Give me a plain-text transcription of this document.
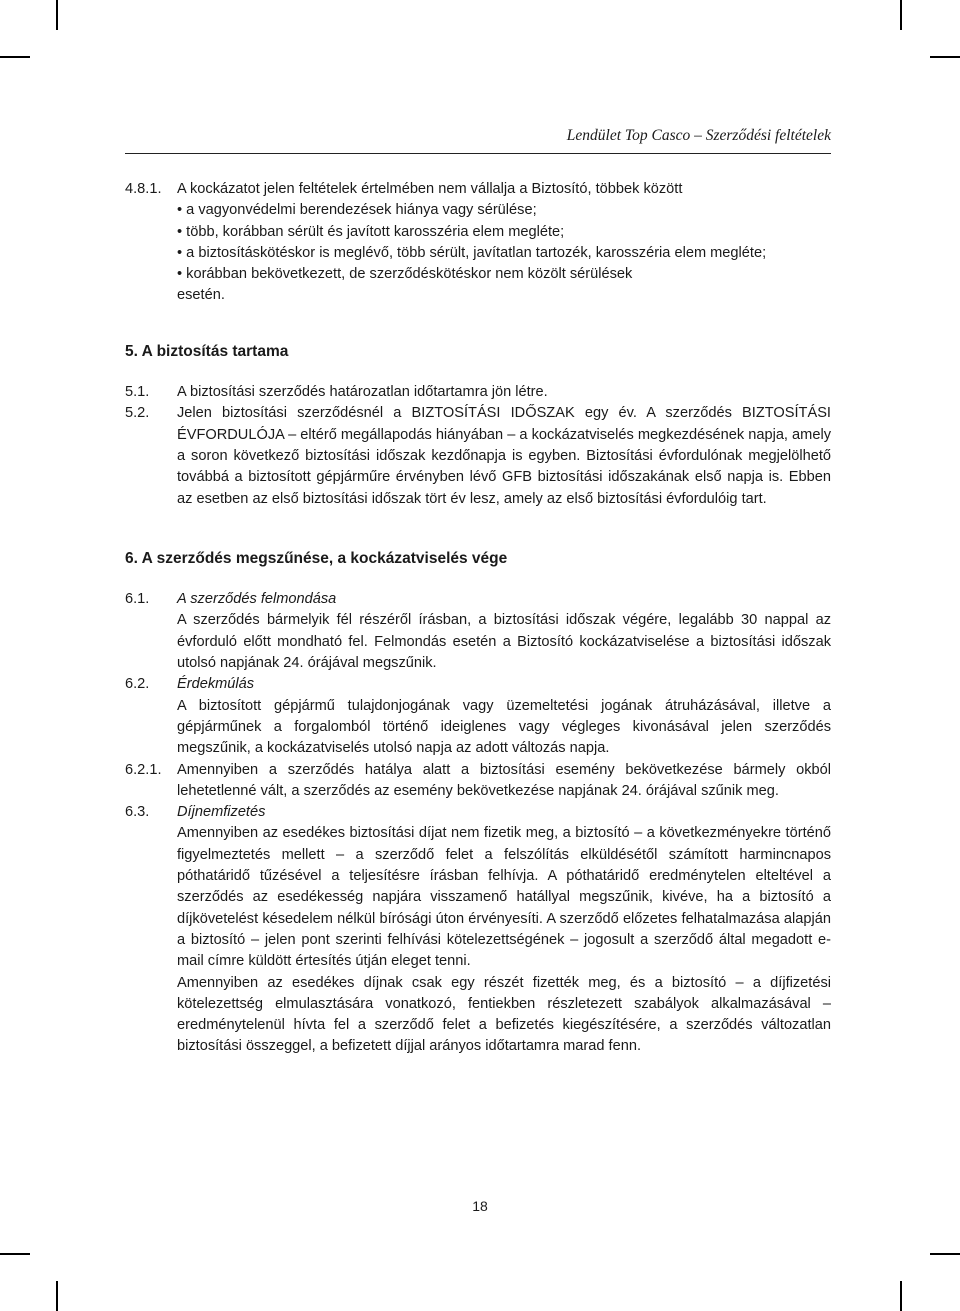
Lendület Top Casco – Szerződési feltételek
4.8.1.	A kockázatot jelen feltételek értelmében nem vállalja a Biztosító, többek között
• a vagyonvédelmi berendezések hiánya vagy sérülése;
• több, korábban sérült és javított karosszéria elem megléte;
• a biztosításkötéskor is meglévő, több sérült, javítatlan tartozék, karosszéria elem megléte;
• korábban bekövetkezett, de szerződéskötéskor nem közölt sérülések
esetén.
5. A biztosítás tartama
5.1.	A biztosítási szerződés határozatlan időtartamra jön létre.
5.2.	Jelen biztosítási szerződésnél a BIZTOSÍTÁSI IDŐSZAK egy év. A szerződés BIZTOSÍTÁSI ÉVFORDULÓJA – eltérő megállapodás hiányában – a kockázatviselés megkezdésének napja, amely a soron következő biztosítási időszak kezdőnapja is egyben. Biztosítási évfordulónak megjelölhető továbbá a biztosított gépjárműre érvényben lévő GFB biztosítási időszakának első napja is. Ebben az esetben az első biztosítási időszak tört év lesz, amely az első biztosítási évfordulóig tart.
6. A szerződés megszűnése, a kockázatviselés vége
6.1.	A szerződés felmondása
A szerződés bármelyik fél részéről írásban, a biztosítási időszak végére, legalább 30 nappal az évforduló előtt mondható fel. Felmondás esetén a Biztosító kockázatviselése a biztosítási időszak utolsó napjának 24. órájával megszűnik.
6.2.	Érdekmúlás
A biztosított gépjármű tulajdonjogának vagy üzemeltetési jogának átruházásával, illetve a gépjárműnek a forgalomból történő ideiglenes vagy végleges kivonásával jelen szerződés megszűnik, a kockázatviselés utolsó napja az adott változás napja.
6.2.1.	Amennyiben a szerződés hatálya alatt a biztosítási esemény bekövetkezése bármely okból lehetetlenné vált, a szerződés az esemény bekövetkezése napjának 24. órájával szűnik meg.
6.3.	Díjnemfizetés
Amennyiben az esedékes biztosítási díjat nem fizetik meg, a biztosító – a következményekre történő figyelmeztetés mellett – a szerződő felet a felszólítás elküldésétől számított harmincnapos póthatáridő tűzésével a teljesítésre írásban felhívja. A póthatáridő eredménytelen elteltével a szerződés az esedékesség napjára visszamenő hatállyal megszűnik, kivéve, ha a biztosító a díjkövetelést késedelem nélkül bírósági úton érvényesíti. A szerződő előzetes felhatalmazása alapján a biztosító – jelen pont szerinti felhívási kötelezettségének – jogosult a szerződő által megadott e-mail címre küldött értesítés útján eleget tenni.
Amennyiben az esedékes díjnak csak egy részét fizették meg, és a biztosító – a díjfizetési kötelezettség elmulasztására vonatkozó, fentiekben részletezett szabályok alkalmazásával – eredménytelenül hívta fel a szerződő felet a befizetés kiegészítésére, a szerződés változatlan biztosítási összeggel, a befizetett díjjal arányos időtartamra marad fenn.
18
